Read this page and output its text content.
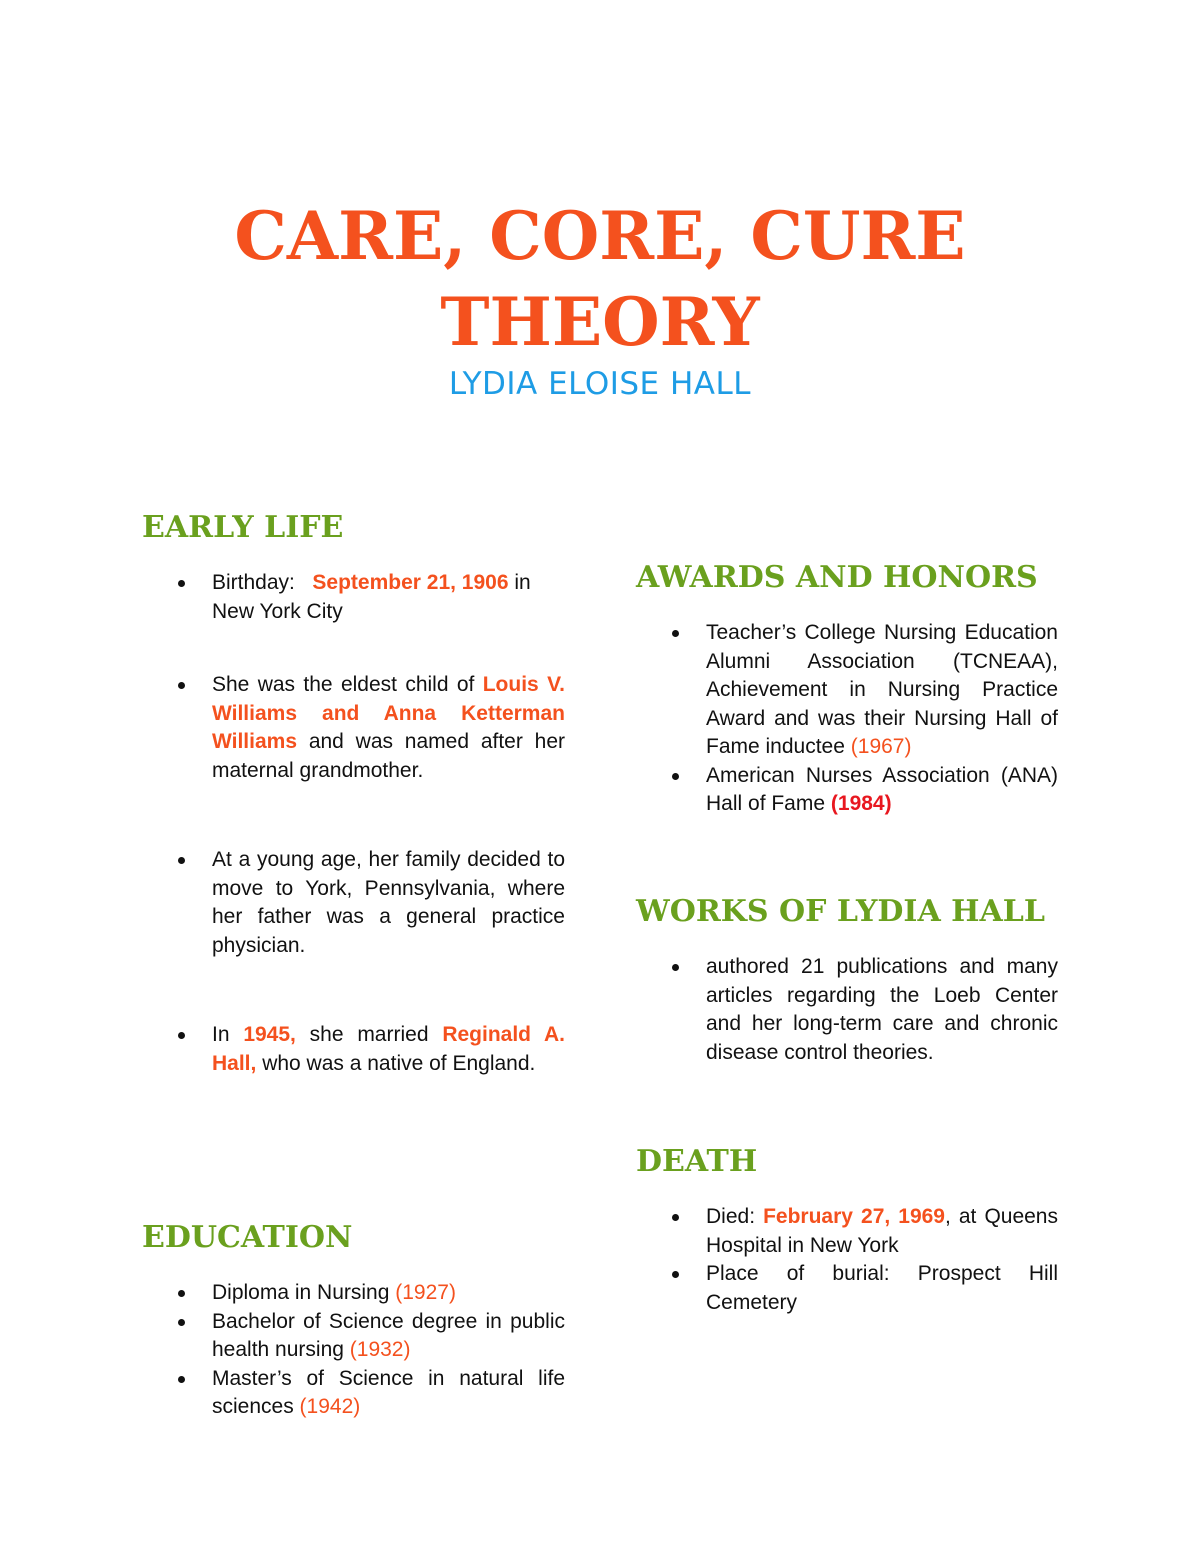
CARE, CORE, CURE
THEORY
LYDIA ELOISE HALL
EARLY LIFE
Birthday: September 21, 1906 in
New York City
She was the eldest child of Louis V. Williams and Anna Ketterman Williams and was named after her maternal grandmother.
At a young age, her family decided to move to York, Pennsylvania, where her father was a general practice physician.
In 1945, she married Reginald A. Hall, who was a native of England.
EDUCATION
Diploma in Nursing (1927)
Bachelor of Science degree in public health nursing (1932)
Master’s of Science in natural life sciences (1942)
AWARDS AND HONORS
Teacher’s College Nursing Education Alumni Association (TCNEAA), Achievement in Nursing Practice Award and was their Nursing Hall of Fame inductee (1967)
American Nurses Association (ANA) Hall of Fame (1984)
WORKS OF LYDIA HALL
authored 21 publications and many articles regarding the Loeb Center and her long-term care and chronic disease control theories.
DEATH
Died: February 27, 1969, at Queens Hospital in New York
Place of burial: Prospect Hill Cemetery
